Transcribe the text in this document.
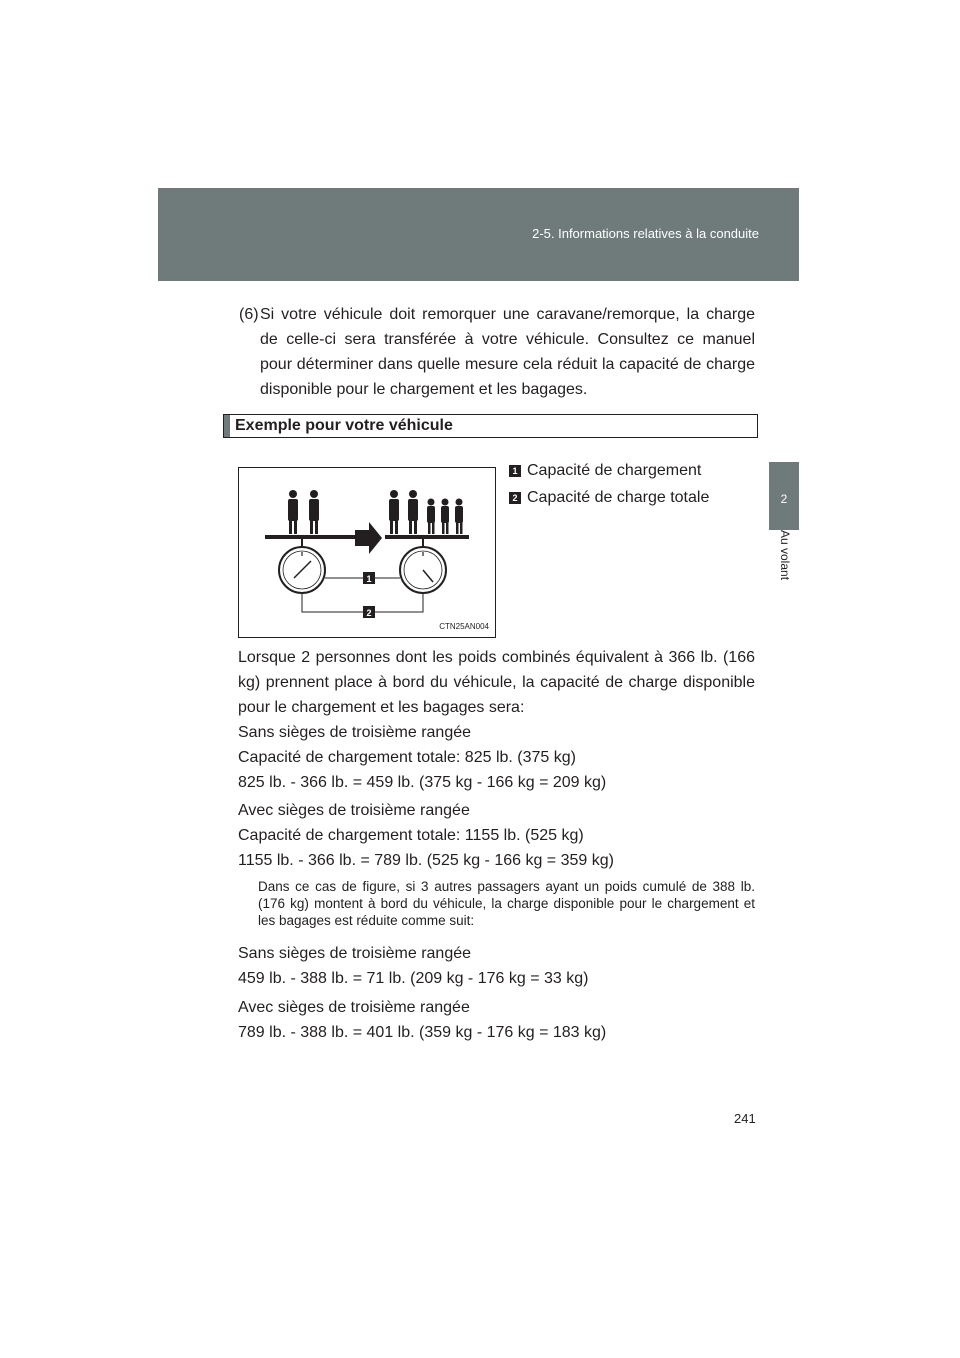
2-5. Informations relatives à la conduite
2
Au volant
(6) Si votre véhicule doit remorquer une caravane/remorque, la charge de celle-ci sera transférée à votre véhicule. Consultez ce manuel pour déterminer dans quelle mesure cela réduit la capacité de charge disponible pour le chargement et les bagages.
Exemple pour votre véhicule
1
2
CTN25AN004
1 Capacité de chargement
2 Capacité de charge totale
Lorsque 2 personnes dont les poids combinés équivalent à 366 lb. (166 kg) prennent place à bord du véhicule, la capacité de charge disponible pour le chargement et les bagages sera:
Sans sièges de troisième rangée
Capacité de chargement totale: 825 lb. (375 kg)
825 lb. - 366 lb. = 459 lb. (375 kg - 166 kg = 209 kg)
Avec sièges de troisième rangée
Capacité de chargement totale: 1155 lb. (525 kg)
1155 lb. - 366 lb. = 789 lb. (525 kg - 166 kg = 359 kg)
Dans ce cas de figure, si 3 autres passagers ayant un poids cumulé de 388 lb. (176 kg) montent à bord du véhicule, la charge disponible pour le chargement et les bagages est réduite comme suit:
Sans sièges de troisième rangée
459 lb. - 388 lb. = 71 lb. (209 kg - 176 kg = 33 kg)
Avec sièges de troisième rangée
789 lb. - 388 lb. = 401 lb. (359 kg - 176 kg = 183 kg)
241
